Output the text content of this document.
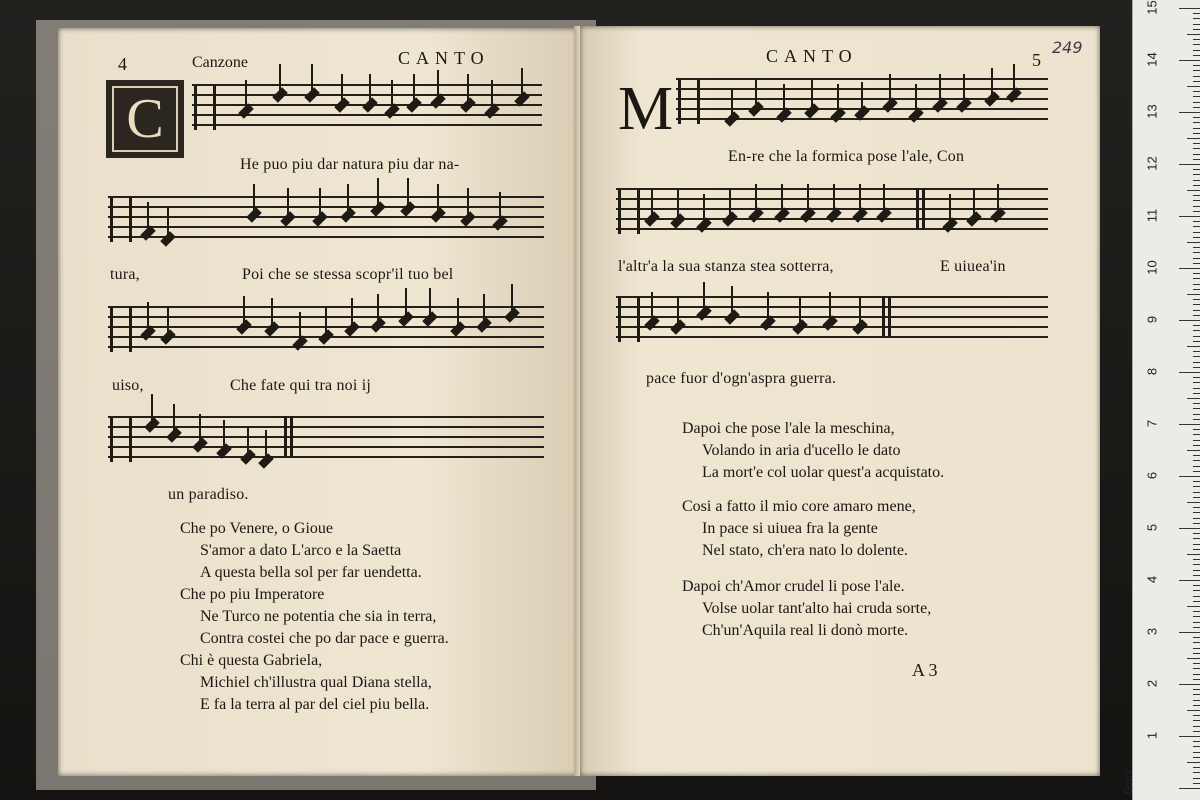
4	Canzone	CANTO
C
He puo piu dar natura piu dar na-
tura,	Poi che se stessa scopr'il tuo bel
uiso,	Che fate qui tra noi ij
un paradiso.
Che po Venere, o Gioue
S'amor a dato L'arco e la Saetta
A questa bella sol per far uendetta.
Che po piu Imperatore
Ne Turco ne potentia che sia in terra,
Contra costei che po dar pace e guerra.
Chi è questa Gabriela,
Michiel ch'illustra qual Diana stella,
E fa la terra al par del ciel piu bella.
CANTO	5
249
M
En-re che la formica pose l'ale, Con
l'altr'a la sua stanza stea sotterra,	E uiuea'in
pace fuor d'ogn'aspra guerra.
Dapoi che pose l'ale la meschina,
Volando in aria d'ucello le dato
La mort'e col uolar quest'a acquistato.
Cosi a fatto il mio core amaro mene,
In pace si uiuea fra la gente
Nel stato, ch'era nato lo dolente.
Dapoi ch'Amor crudel li pose l'ale.
Volse uolar tant'alto hai cruda sorte,
Ch'un'Aquila real li donò morte.
A 3
0cm
1
2
3
4
5
6
7
8
9
10
11
12
13
14
15
